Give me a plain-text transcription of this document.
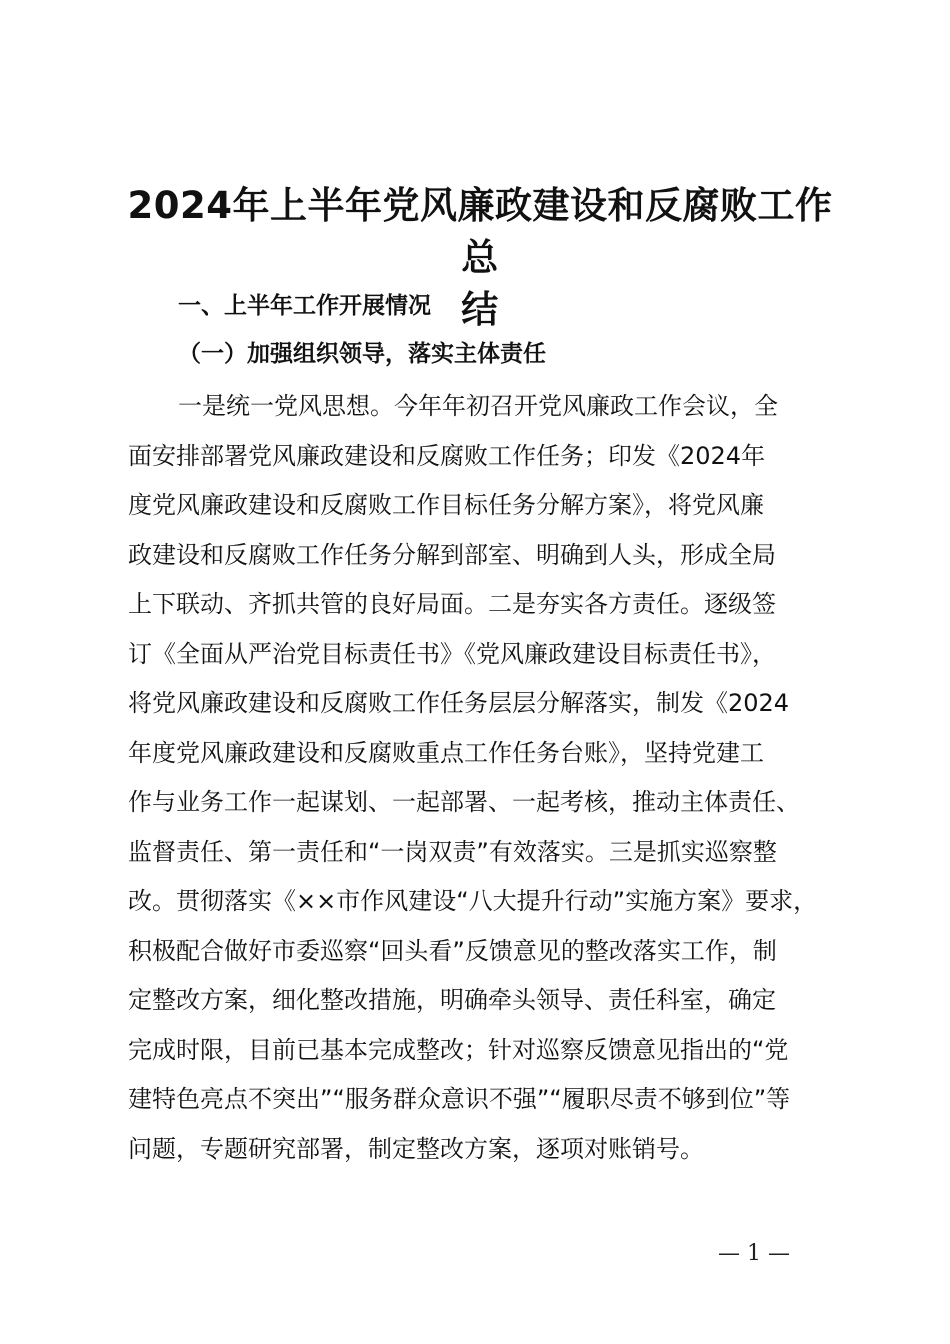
2024年上半年党风廉政建设和反腐败工作总
结
一、上半年工作开展情况
（一）加强组织领导，落实主体责任
一是统一党风思想。今年年初召开党风廉政工作会议，全
面安排部署党风廉政建设和反腐败工作任务；印发《2024年
度党风廉政建设和反腐败工作目标任务分解方案》，将党风廉
政建设和反腐败工作任务分解到部室、明确到人头，形成全局
上下联动、齐抓共管的良好局面。二是夯实各方责任。逐级签
订《全面从严治党目标责任书》《党风廉政建设目标责任书》，
将党风廉政建设和反腐败工作任务层层分解落实，制发《2024
年度党风廉政建设和反腐败重点工作任务台账》，坚持党建工
作与业务工作一起谋划、一起部署、一起考核，推动主体责任、
监督责任、第一责任和“一岗双责”有效落实。三是抓实巡察整
改。贯彻落实《××市作风建设“八大提升行动”实施方案》要求，
积极配合做好市委巡察“回头看”反馈意见的整改落实工作，制
定整改方案，细化整改措施，明确牵头领导、责任科室，确定
完成时限，目前已基本完成整改；针对巡察反馈意见指出的“党
建特色亮点不突出”“服务群众意识不强”“履职尽责不够到位”等
问题，专题研究部署，制定整改方案，逐项对账销号。
— 1 —
